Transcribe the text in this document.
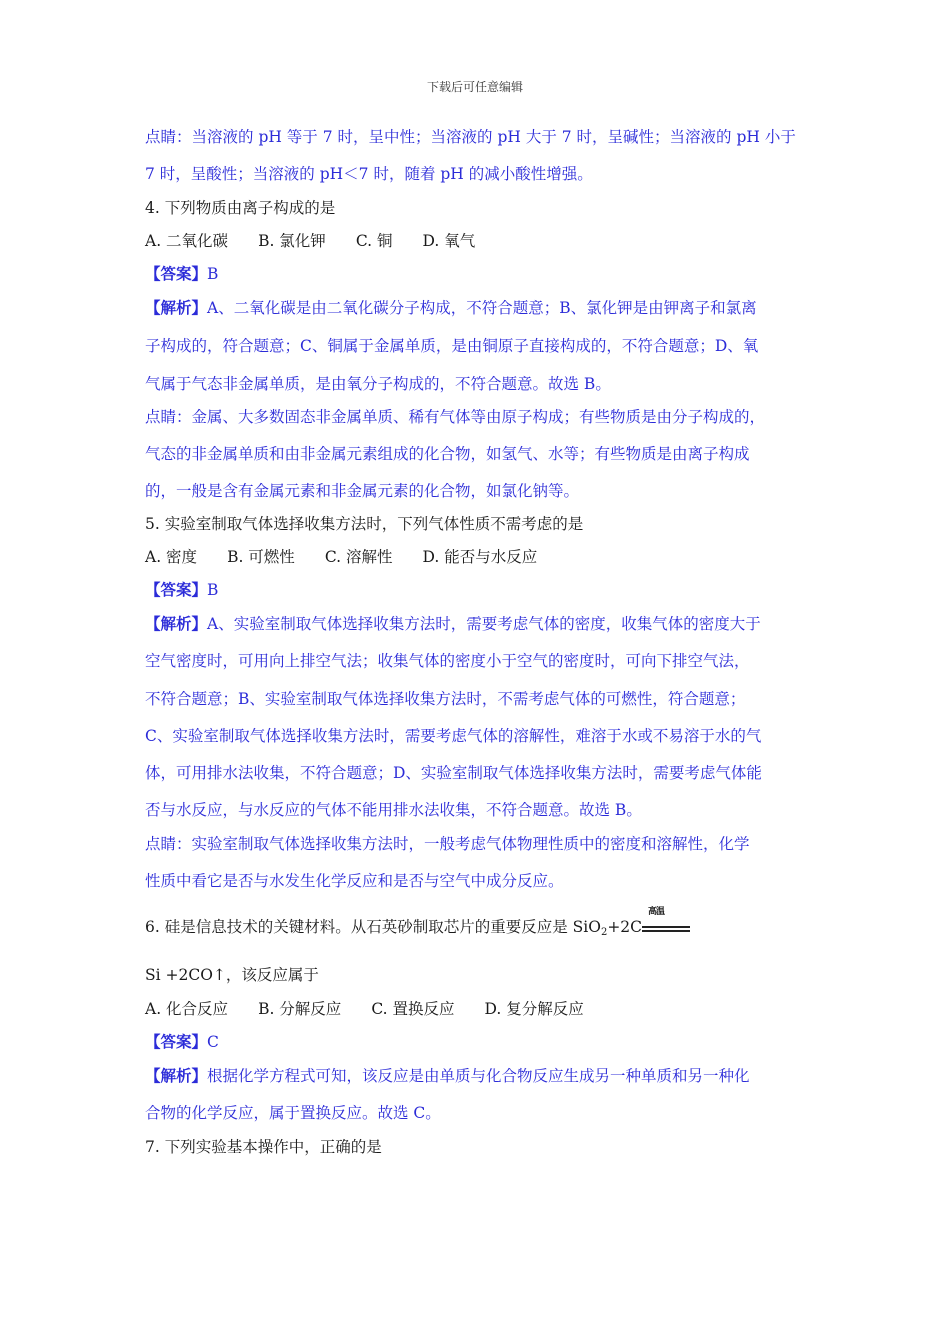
下载后可任意编辑
点睛：当溶液的 pH 等于 7 时，呈中性；当溶液的 pH 大于 7 时，呈碱性；当溶液的 pH 小于
7 时，呈酸性；当溶液的 pH＜7 时，随着 pH 的减小酸性增强。
4. 下列物质由离子构成的是
A. 二氧化碳 B. 氯化钾 C. 铜 D. 氧气
【答案】B
【解析】A、二氧化碳是由二氧化碳分子构成，不符合题意；B、氯化钾是由钾离子和氯离
子构成的，符合题意；C、铜属于金属单质，是由铜原子直接构成的，不符合题意；D、氧
气属于气态非金属单质，是由氧分子构成的，不符合题意。故选 B。
点睛：金属、大多数固态非金属单质、稀有气体等由原子构成；有些物质是由分子构成的，
气态的非金属单质和由非金属元素组成的化合物，如氢气、水等；有些物质是由离子构成
的，一般是含有金属元素和非金属元素的化合物，如氯化钠等。
5. 实验室制取气体选择收集方法时，下列气体性质不需考虑的是
A. 密度 B. 可燃性 C. 溶解性 D. 能否与水反应
【答案】B
【解析】A、实验室制取气体选择收集方法时，需要考虑气体的密度，收集气体的密度大于
空气密度时，可用向上排空气法；收集气体的密度小于空气的密度时，可向下排空气法，
不符合题意；B、实验室制取气体选择收集方法时，不需考虑气体的可燃性，符合题意；
C、实验室制取气体选择收集方法时，需要考虑气体的溶解性，难溶于水或不易溶于水的气
体，可用排水法收集，不符合题意；D、实验室制取气体选择收集方法时，需要考虑气体能
否与水反应，与水反应的气体不能用排水法收集，不符合题意。故选 B。
点睛：实验室制取气体选择收集方法时，一般考虑气体物理性质中的密度和溶解性，化学
性质中看它是否与水发生化学反应和是否与空气中成分反应。
6. 硅是信息技术的关键材料。从石英砂制取芯片的重要反应是 SiO$_2$+2C
高温
Si +2CO↑，该反应属于
A. 化合反应 B. 分解反应 C. 置换反应 D. 复分解反应
【答案】C
【解析】根据化学方程式可知，该反应是由单质与化合物反应生成另一种单质和另一种化
合物的化学反应，属于置换反应。故选 C。
7. 下列实验基本操作中，正确的是
